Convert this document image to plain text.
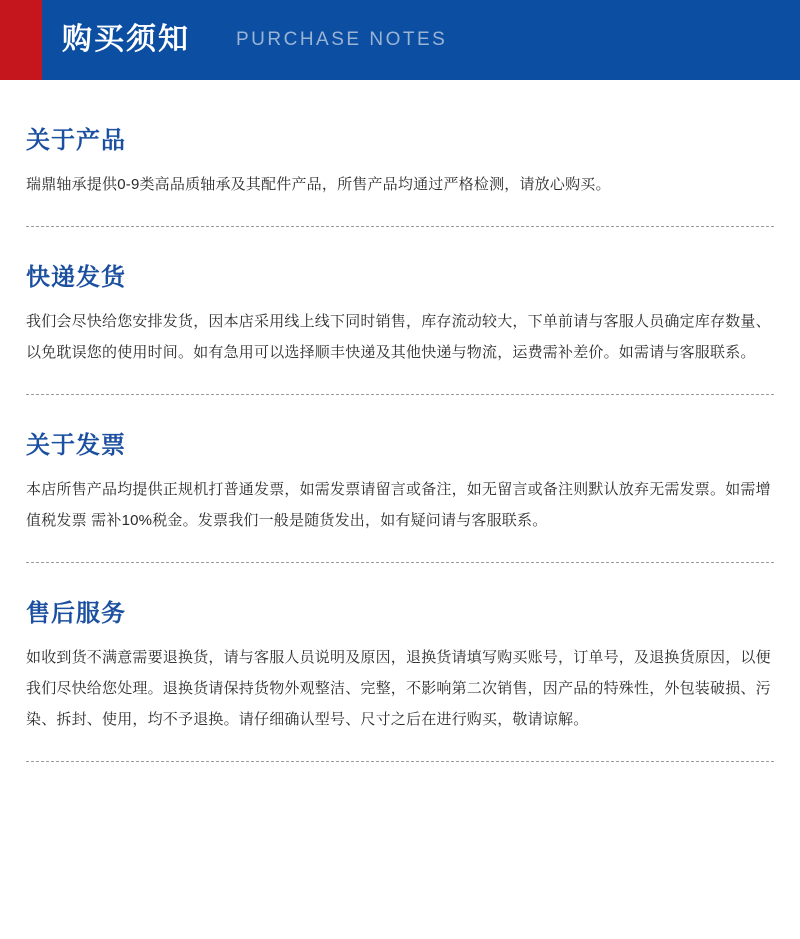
购买须知 PURCHASE NOTES
关于产品

瑞鼎轴承提供0-9类高品质轴承及其配件产品，所售产品均通过严格检测，请放心购买。

快递发货

我们会尽快给您安排发货，因本店采用线上线下同时销售，库存流动较大，下单前请与客服人员确定库存数量、以免耽误您的使用时间。如有急用可以选择顺丰快递及其他快递与物流，运费需补差价。如需请与客服联系。

关于发票

本店所售产品均提供正规机打普通发票，如需发票请留言或备注，如无留言或备注则默认放弃无需发票。如需增值税发票 需补10%税金。发票我们一般是随货发出，如有疑问请与客服联系。

售后服务

如收到货不满意需要退换货，请与客服人员说明及原因，退换货请填写购买账号，订单号，及退换货原因，以便我们尽快给您处理。退换货请保持货物外观整洁、完整，不影响第二次销售，因产品的特殊性，外包装破损、污染、拆封、使用，均不予退换。请仔细确认型号、尺寸之后在进行购买，敬请谅解。
